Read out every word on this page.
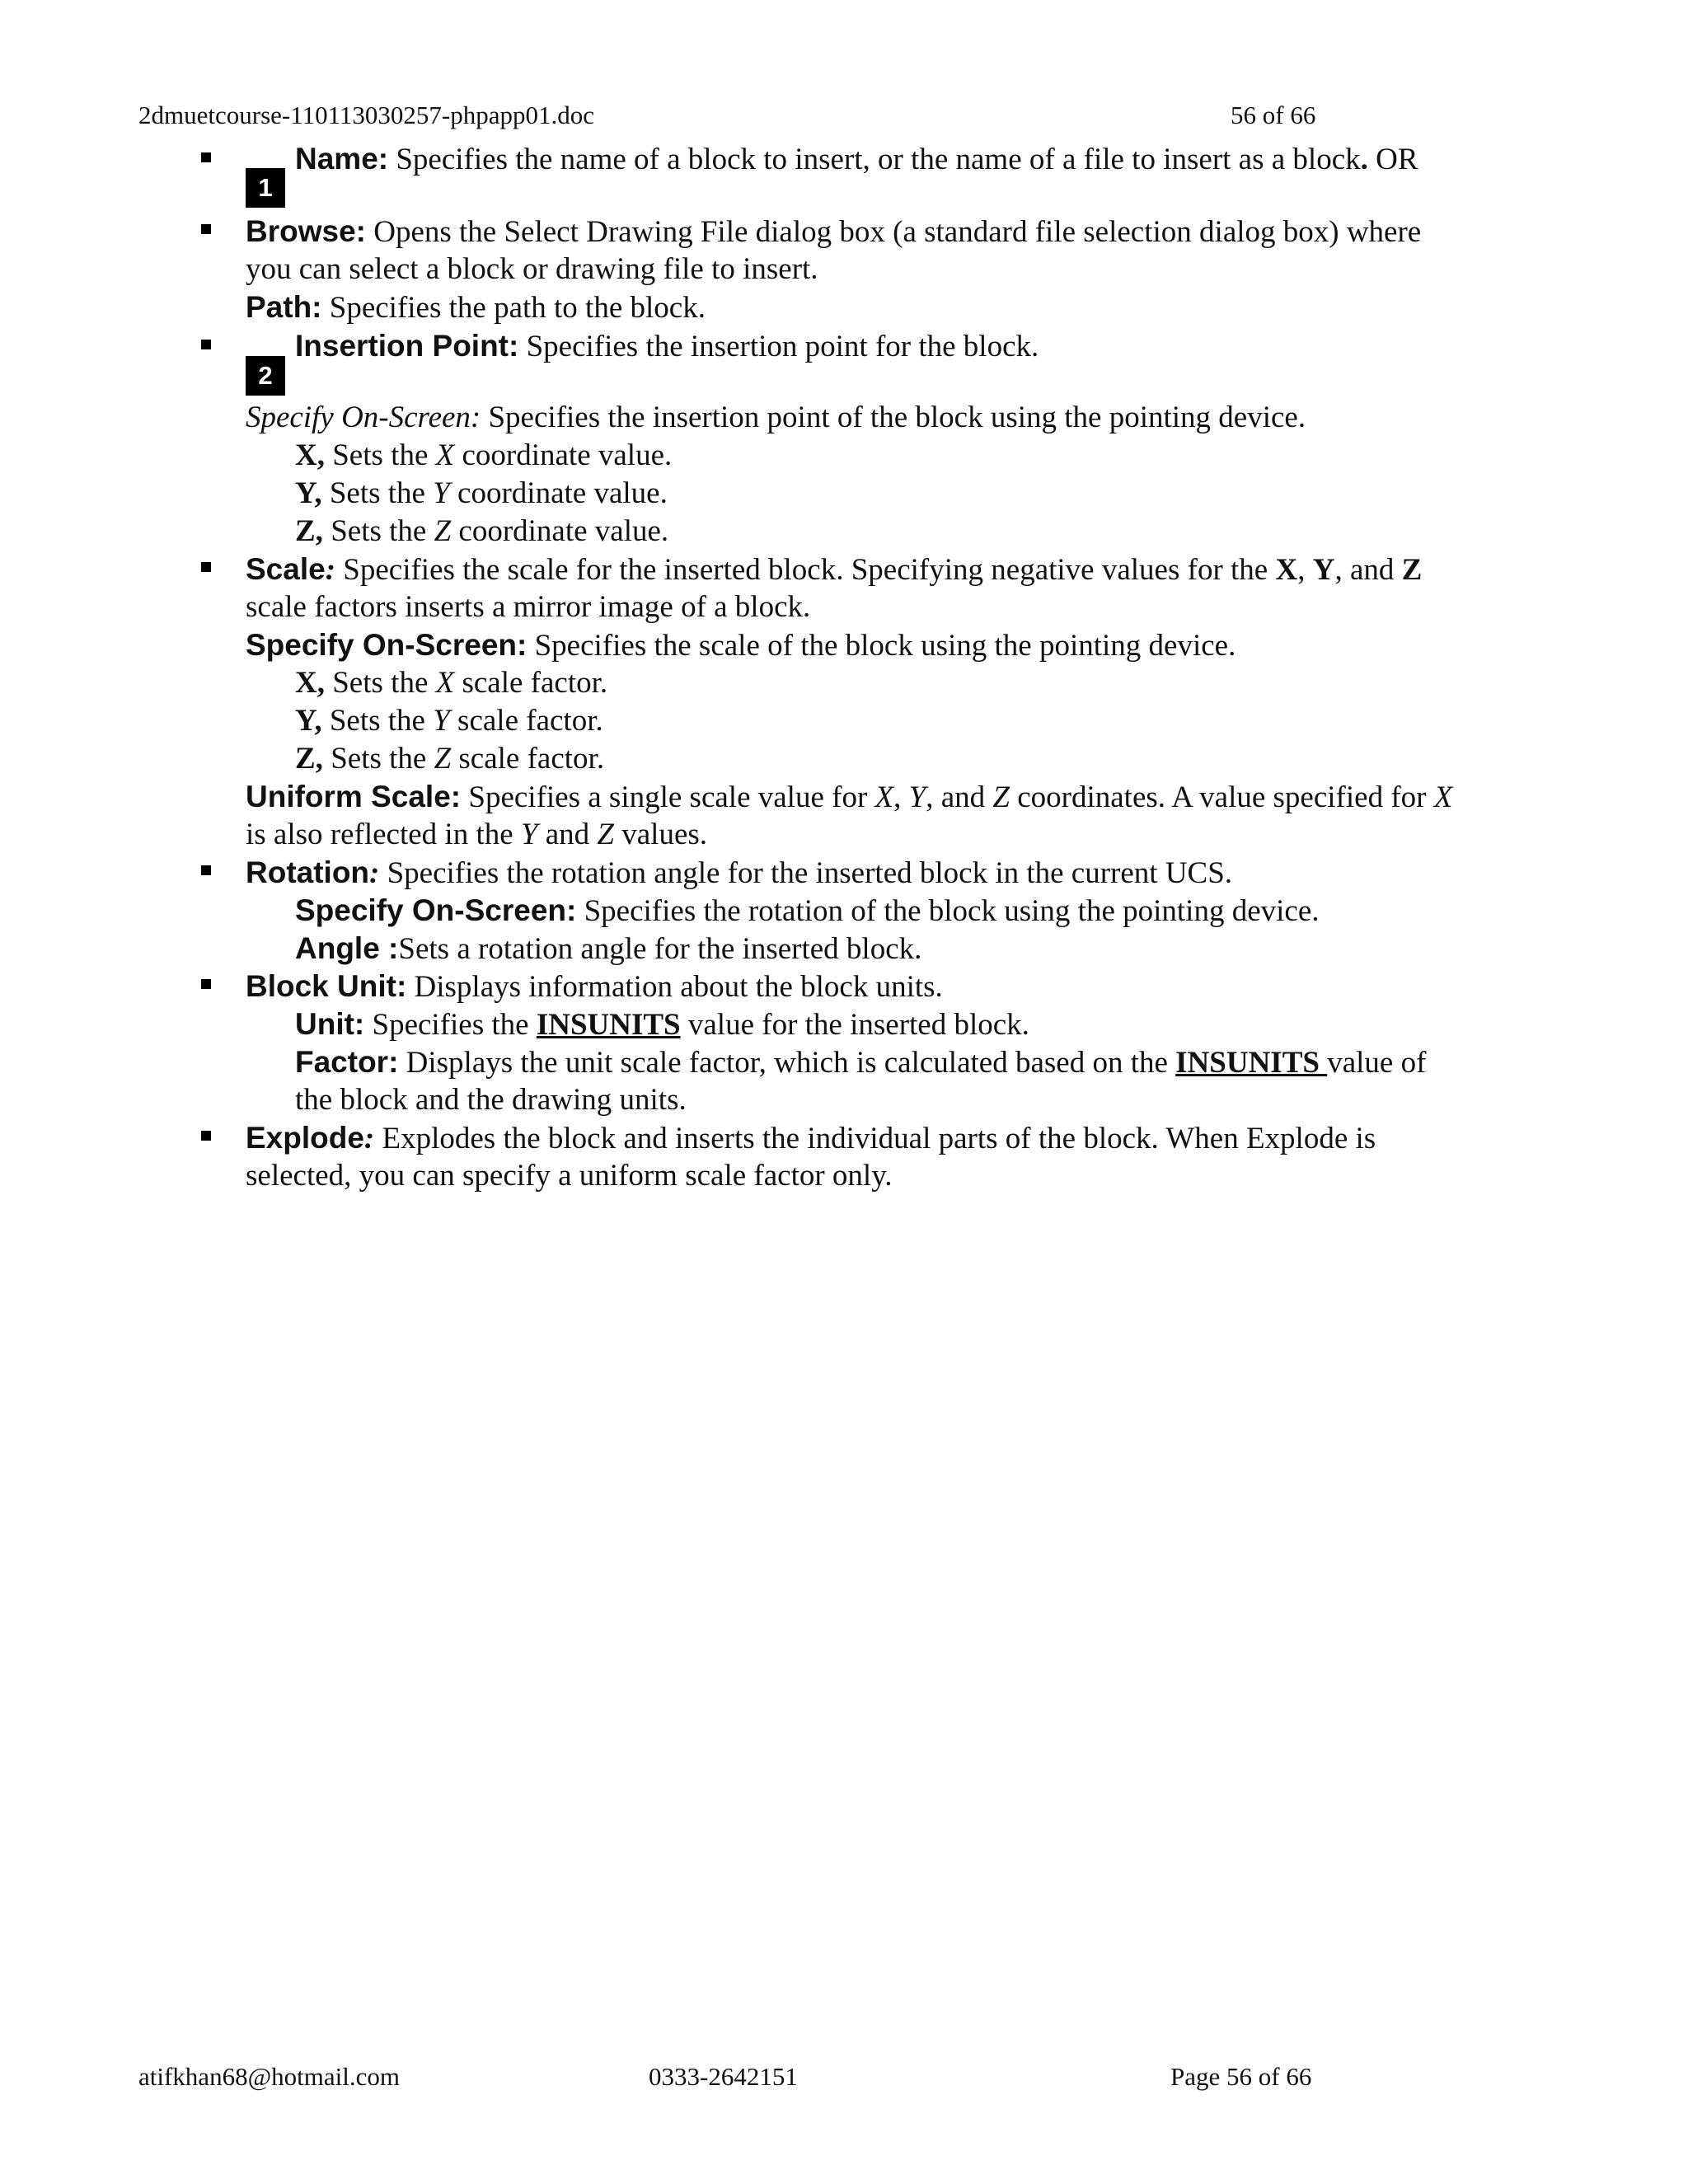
2dmuetcourse-110113030257-phpapp01.doc	56 of 66
1
Name: Specifies the name of a block to insert, or the name of a file to insert as a block. OR
Browse: Opens the Select Drawing File dialog box (a standard file selection dialog box) where
you can select a block or drawing file to insert.
Path: Specifies the path to the block.
2
Insertion Point: Specifies the insertion point for the block.
Specify On-Screen: Specifies the insertion point of the block using the pointing device.
X, Sets the X coordinate value.
Y, Sets the Y coordinate value.
Z, Sets the Z coordinate value.
Scale: Specifies the scale for the inserted block. Specifying negative values for the X, Y, and Z
scale factors inserts a mirror image of a block.
Specify On-Screen: Specifies the scale of the block using the pointing device.
X, Sets the X scale factor.
Y, Sets the Y scale factor.
Z, Sets the Z scale factor.
Uniform Scale: Specifies a single scale value for X, Y, and Z coordinates. A value specified for X
is also reflected in the Y and Z values.
Rotation: Specifies the rotation angle for the inserted block in the current UCS.
Specify On-Screen: Specifies the rotation of the block using the pointing device.
Angle :Sets a rotation angle for the inserted block.
Block Unit: Displays information about the block units.
Unit: Specifies the INSUNITS value for the inserted block.
Factor: Displays the unit scale factor, which is calculated based on the INSUNITS value of
the block and the drawing units.
Explode: Explodes the block and inserts the individual parts of the block. When Explode is
selected, you can specify a uniform scale factor only.
atifkhan68@hotmail.com	0333-2642151	Page 56 of 66
